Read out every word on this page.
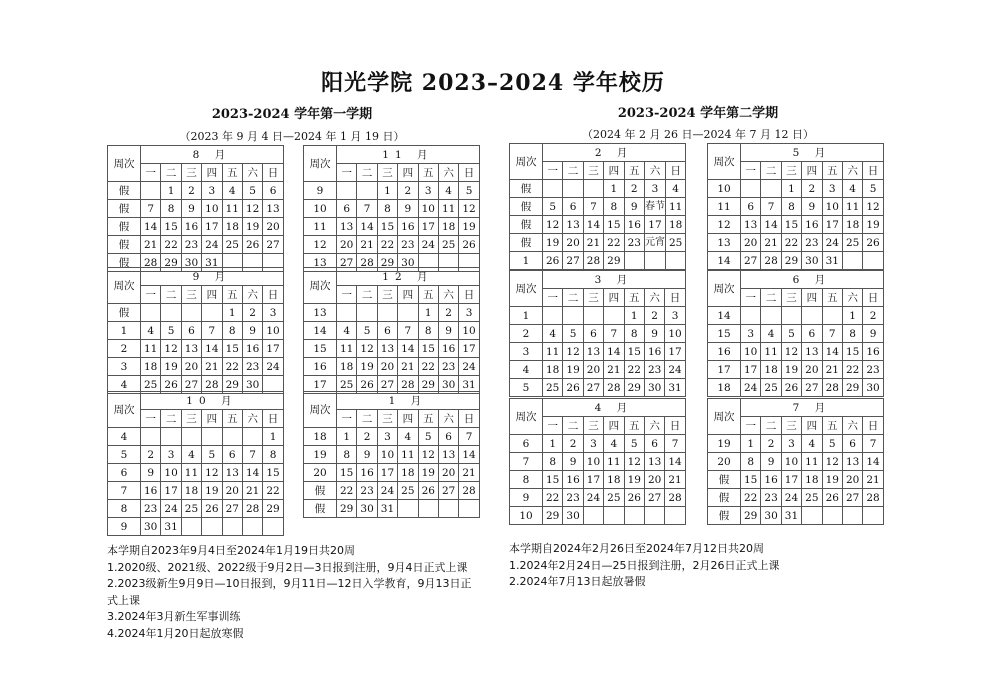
阳光学院 2023–2024 学年校历
2023-2024 学年第一学期
（2023 年 9 月 4 日—2024 年 1 月 19 日）
2023-2024 学年第二学期
（2024 年 2 月 26 日—2024 年 7 月 12 日）
周次	8 月						
	一	二	三	四	五	六	日
假		1	2	3	4	5	6
假	7	8	9	10	11	12	13
假	14	15	16	17	18	19	20
假	21	22	23	24	25	26	27
假	28	29	30	31			
周次	11 月						
	一	二	三	四	五	六	日
9			1	2	3	4	5
10	6	7	8	9	10	11	12
11	13	14	15	16	17	18	19
12	20	21	22	23	24	25	26
13	27	28	29	30			
周次	9 月						
	一	二	三	四	五	六	日
假					1	2	3
1	4	5	6	7	8	9	10
2	11	12	13	14	15	16	17
3	18	19	20	21	22	23	24
4	25	26	27	28	29	30	
周次	12 月						
	一	二	三	四	五	六	日
13					1	2	3
14	4	5	6	7	8	9	10
15	11	12	13	14	15	16	17
16	18	19	20	21	22	23	24
17	25	26	27	28	29	30	31
周次	10 月						
	一	二	三	四	五	六	日
4							1
5	2	3	4	5	6	7	8
6	9	10	11	12	13	14	15
7	16	17	18	19	20	21	22
8	23	24	25	26	27	28	29
9	30	31					
周次	1 月						
	一	二	三	四	五	六	日
18	1	2	3	4	5	6	7
19	8	9	10	11	12	13	14
20	15	16	17	18	19	20	21
假	22	23	24	25	26	27	28
假	29	30	31				
周次	2 月						
	一	二	三	四	五	六	日
假				1	2	3	4
假	5	6	7	8	9	春节	11
假	12	13	14	15	16	17	18
假	19	20	21	22	23	元宵	25
1	26	27	28	29			
周次	5 月						
	一	二	三	四	五	六	日
10			1	2	3	4	5
11	6	7	8	9	10	11	12
12	13	14	15	16	17	18	19
13	20	21	22	23	24	25	26
14	27	28	29	30	31		
周次	3 月						
	一	二	三	四	五	六	日
1					1	2	3
2	4	5	6	7	8	9	10
3	11	12	13	14	15	16	17
4	18	19	20	21	22	23	24
5	25	26	27	28	29	30	31
周次	6 月						
	一	二	三	四	五	六	日
14						1	2
15	3	4	5	6	7	8	9
16	10	11	12	13	14	15	16
17	17	18	19	20	21	22	23
18	24	25	26	27	28	29	30
周次	4 月						
	一	二	三	四	五	六	日
6	1	2	3	4	5	6	7
7	8	9	10	11	12	13	14
8	15	16	17	18	19	20	21
9	22	23	24	25	26	27	28
10	29	30					
周次	7 月						
	一	二	三	四	五	六	日
19	1	2	3	4	5	6	7
20	8	9	10	11	12	13	14
假	15	16	17	18	19	20	21
假	22	23	24	25	26	27	28
假	29	30	31				
本学期自2023年9月4日至2024年1月19日共20周
1.2020级、2021级、2022级于9月2日—3日报到注册，9月4日正式上课
2.2023级新生9月9日—10日报到，9月11日—12日入学教育，9月13日正式上课
3.2024年3月新生军事训练
4.2024年1月20日起放寒假
本学期自2024年2月26日至2024年7月12日共20周
1.2024年2月24日—25日报到注册，2月26日正式上课
2.2024年7月13日起放暑假
